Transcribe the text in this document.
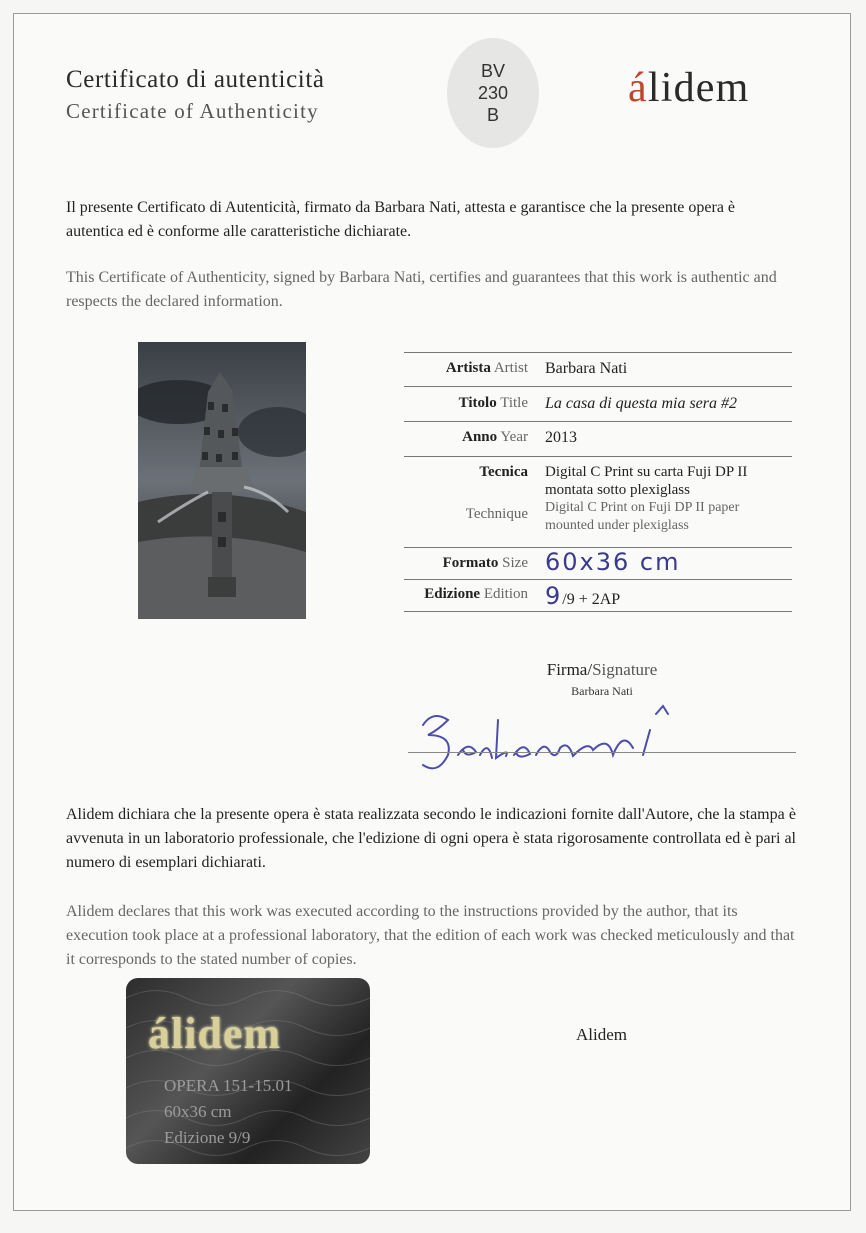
Certificato di autenticità
Certificate of Authenticity
BV
230
B
álidem
Il presente Certificato di Autenticità, firmato da Barbara Nati, attesta e garantisce che la presente opera è autentica ed è conforme alle caratteristiche dichiarate.
This Certificate of Authenticity, signed by Barbara Nati, certifies and guarantees that this work is authentic and respects the declared information.
Artista Artist Barbara Nati
Titolo Title La casa di questa mia sera #2
Anno Year 2013
Tecnica
Technique
Digital C Print su carta Fuji DP II
montata sotto plexiglass
Digital C Print on Fuji DP II paper
mounted under plexiglass
Formato Size 60x36 cm
Edizione Edition 9/9 + 2AP
Firma/Signature
Barbara Nati
Alidem dichiara che la presente opera è stata realizzata secondo le indicazioni fornite dall'Autore, che la stampa è avvenuta in un laboratorio professionale, che l'edizione di ogni opera è stata rigorosamente controllata ed è pari al numero di esemplari dichiarati.
Alidem declares that this work was executed according to the instructions provided by the author, that its execution took place at a professional laboratory, that the edition of each work was checked meticulously and that it corresponds to the stated number of copies.
álidem
OPERA 151-15.01
60x36 cm
Edizione 9/9
Alidem
